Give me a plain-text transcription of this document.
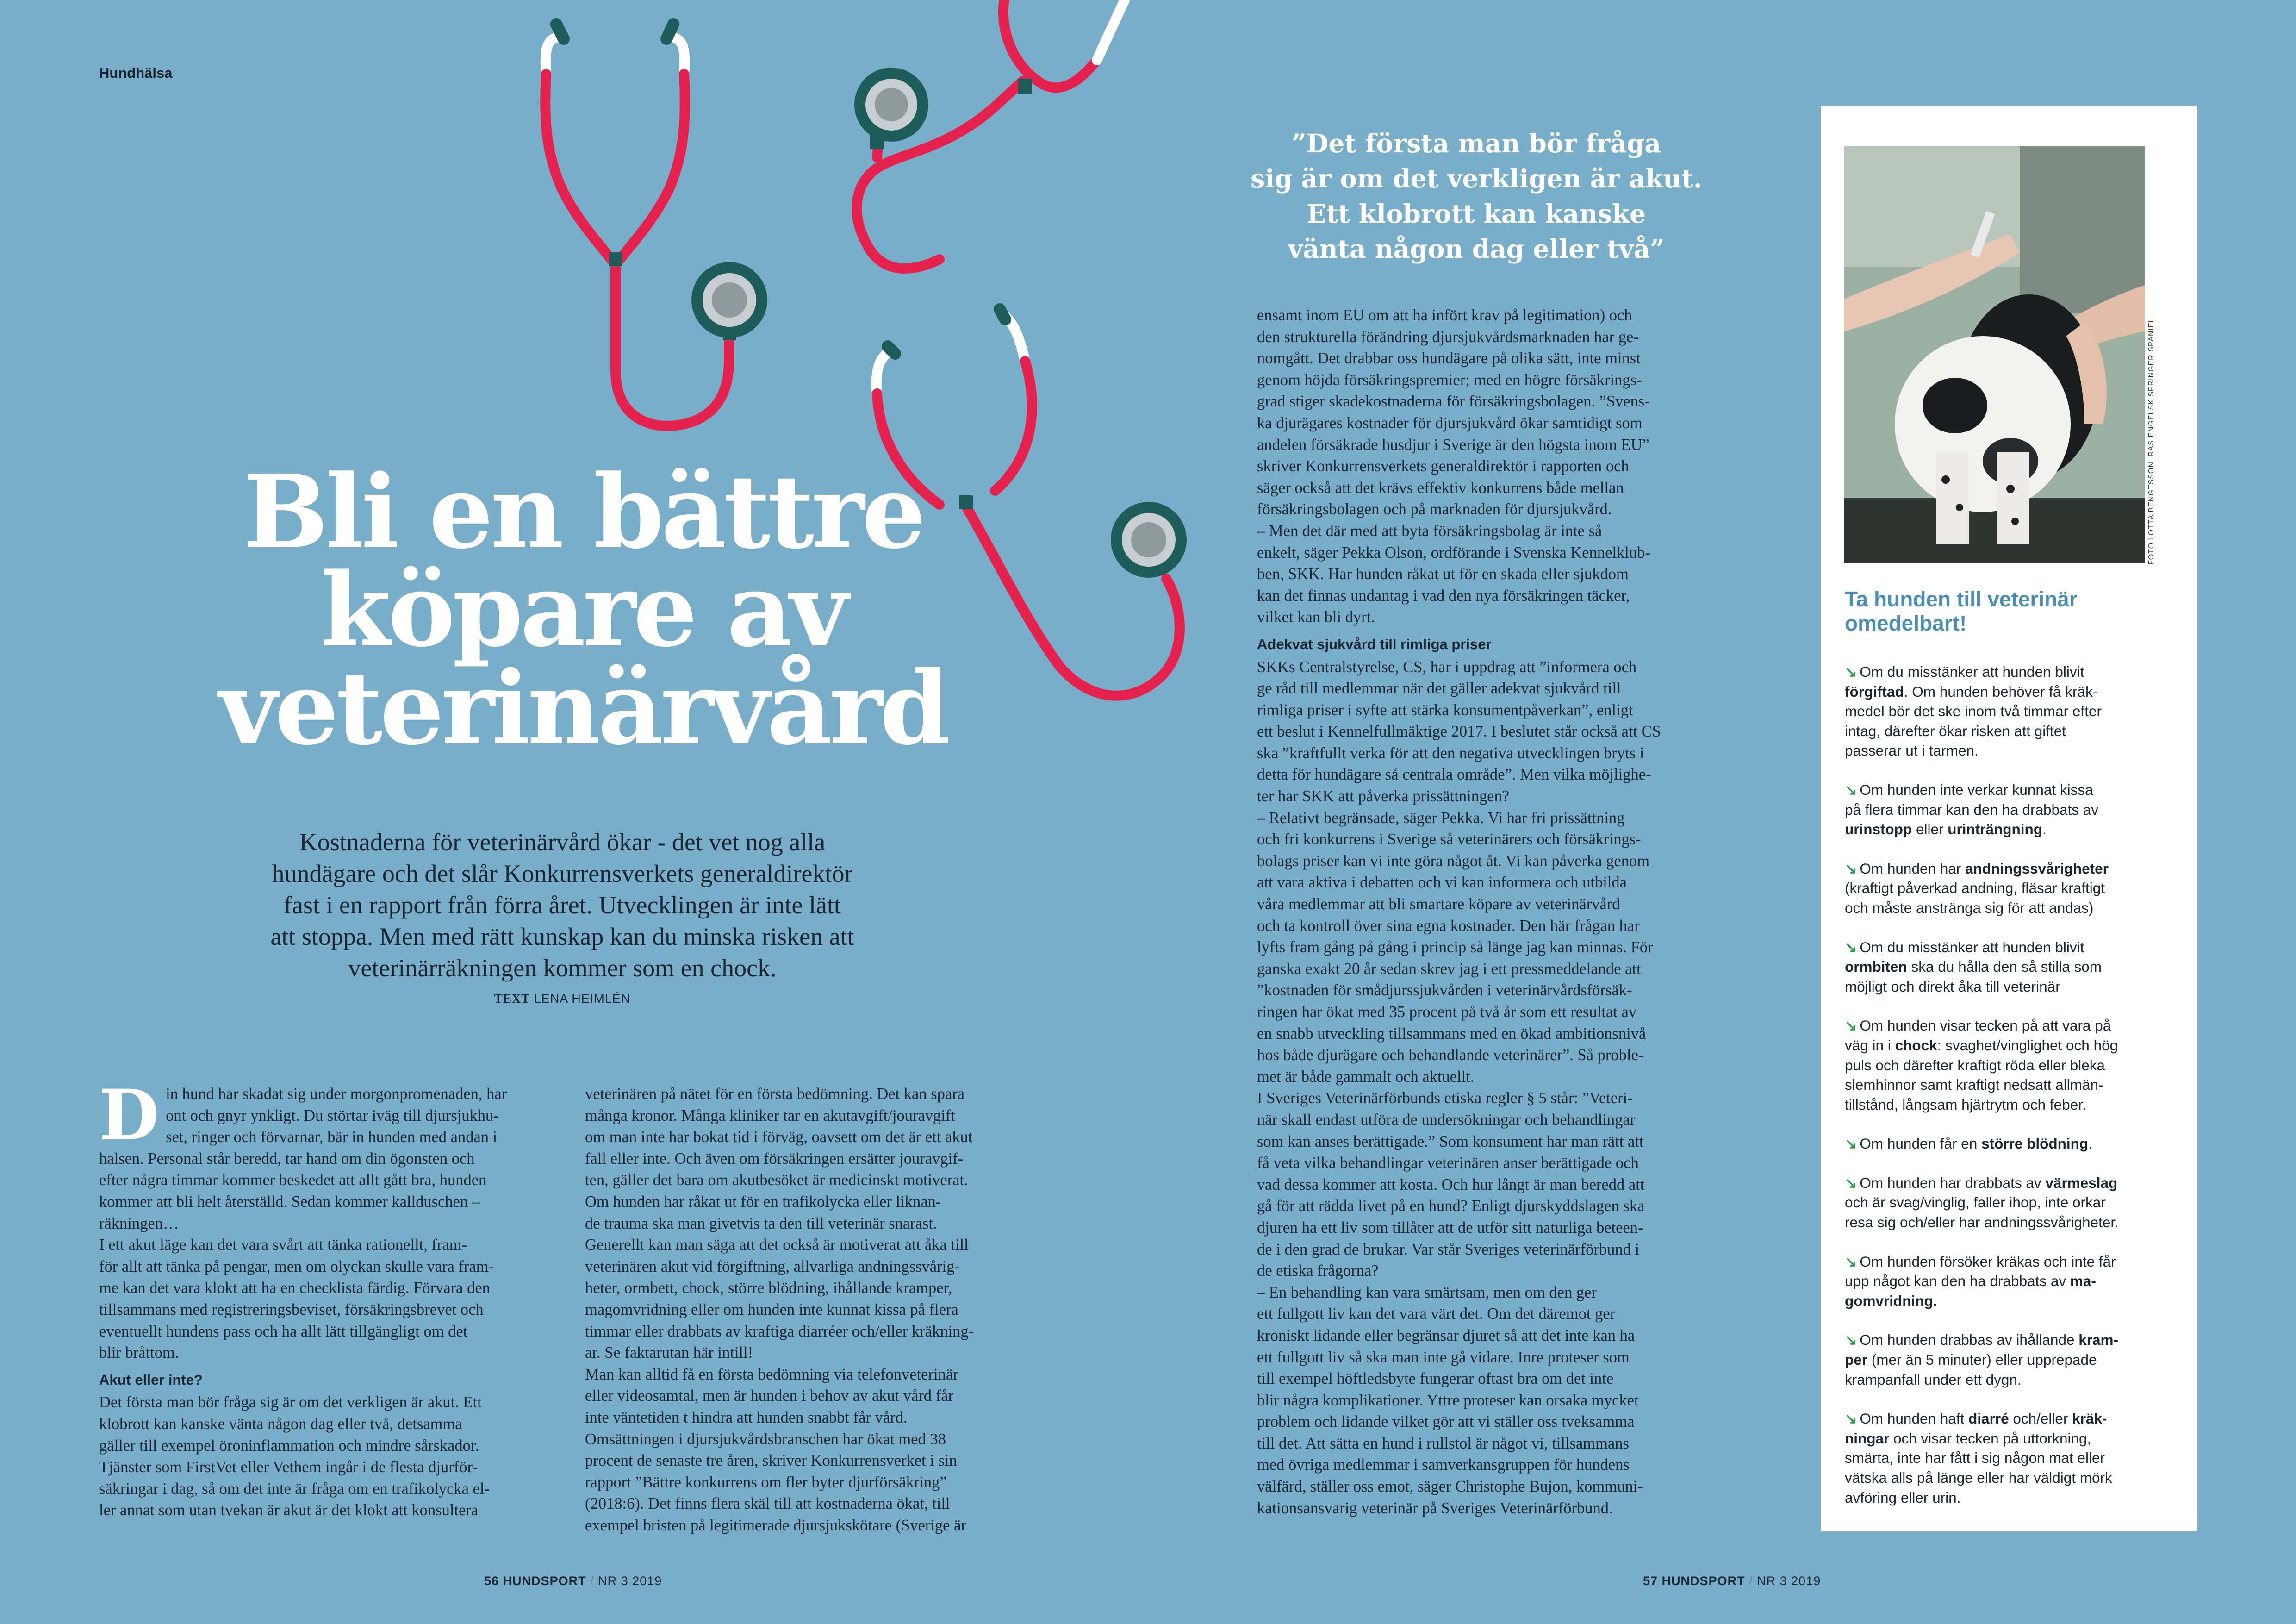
Hundhälsa
Bli en bättre
köpare av
veterinärvård
Kostnaderna för veterinärvård ökar - det vet nog alla
hundägare och det slår Konkurrensverkets generaldirektör
fast i en rapport från förra året. Utvecklingen är inte lätt
att stoppa. Men med rätt kunskap kan du minska risken att
veterinärräkningen kommer som en chock.
TEXT LENA HEIMLÉN
D in hund har skadat sig under morgonpromenaden, har
ont och gnyr ynkligt. Du störtar iväg till djursjukhu-
set, ringer och förvarnar, bär in hunden med andan i
halsen. Personal står beredd, tar hand om din ögonsten och
efter några timmar kommer beskedet att allt gått bra, hunden
kommer att bli helt återställd. Sedan kommer kallduschen –
räkningen…
I ett akut läge kan det vara svårt att tänka rationellt, fram-
för allt att tänka på pengar, men om olyckan skulle vara fram-
me kan det vara klokt att ha en checklista färdig. Förvara den
tillsammans med registreringsbeviset, försäkringsbrevet och
eventuellt hundens pass och ha allt lätt tillgängligt om det
blir bråttom.
Akut eller inte?
Det första man bör fråga sig är om det verkligen är akut. Ett
klobrott kan kanske vänta någon dag eller två, detsamma
gäller till exempel öroninflammation och mindre sårskador.
Tjänster som FirstVet eller Vethem ingår i de flesta djurför-
säkringar i dag, så om det inte är fråga om en trafikolycka el-
ler annat som utan tvekan är akut är det klokt att konsultera
veterinären på nätet för en första bedömning. Det kan spara
många kronor. Många kliniker tar en akutavgift/jouravgift
om man inte har bokat tid i förväg, oavsett om det är ett akut
fall eller inte. Och även om försäkringen ersätter jouravgif-
ten, gäller det bara om akutbesöket är medicinskt motiverat.
Om hunden har råkat ut för en trafikolycka eller liknan-
de trauma ska man givetvis ta den till veterinär snarast.
Generellt kan man säga att det också är motiverat att åka till
veterinären akut vid förgiftning, allvarliga andningssvårig-
heter, ormbett, chock, större blödning, ihållande kramper,
magomvridning eller om hunden inte kunnat kissa på flera
timmar eller drabbats av kraftiga diarréer och/eller kräkning-
ar. Se faktarutan här intill!
Man kan alltid få en första bedömning via telefonveterinär
eller videosamtal, men är hunden i behov av akut vård får
inte väntetiden t hindra att hunden snabbt får vård.
Omsättningen i djursjukvårdsbranschen har ökat med 38
procent de senaste tre åren, skriver Konkurrensverket i sin
rapport ”Bättre konkurrens om fler byter djurförsäkring”
(2018:6). Det finns flera skäl till att kostnaderna ökat, till
exempel bristen på legitimerade djursjukskötare (Sverige är
”Det första man bör fråga
sig är om det verkligen är akut.
Ett klobrott kan kanske
vänta någon dag eller två”
ensamt inom EU om att ha infört krav på legitimation) och
den strukturella förändring djursjukvårdsmarknaden har ge-
nomgått. Det drabbar oss hundägare på olika sätt, inte minst
genom höjda försäkringspremier; med en högre försäkrings-
grad stiger skadekostnaderna för försäkringsbolagen. ”Svens-
ka djurägares kostnader för djursjukvård ökar samtidigt som
andelen försäkrade husdjur i Sverige är den högsta inom EU”
skriver Konkurrensverkets generaldirektör i rapporten och
säger också att det krävs effektiv konkurrens både mellan
försäkringsbolagen och på marknaden för djursjukvård.
– Men det där med att byta försäkringsbolag är inte så
enkelt, säger Pekka Olson, ordförande i Svenska Kennelklub-
ben, SKK. Har hunden råkat ut för en skada eller sjukdom
kan det finnas undantag i vad den nya försäkringen täcker,
vilket kan bli dyrt.
Adekvat sjukvård till rimliga priser
SKKs Centralstyrelse, CS, har i uppdrag att ”informera och
ge råd till medlemmar när det gäller adekvat sjukvård till
rimliga priser i syfte att stärka konsumentpåverkan”, enligt
ett beslut i Kennelfullmäktige 2017. I beslutet står också att CS
ska ”kraftfullt verka för att den negativa utvecklingen bryts i
detta för hundägare så centrala område”. Men vilka möjlighe-
ter har SKK att påverka prissättningen?
– Relativt begränsade, säger Pekka. Vi har fri prissättning
och fri konkurrens i Sverige så veterinärers och försäkrings-
bolags priser kan vi inte göra något åt. Vi kan påverka genom
att vara aktiva i debatten och vi kan informera och utbilda
våra medlemmar att bli smartare köpare av veterinärvård
och ta kontroll över sina egna kostnader. Den här frågan har
lyfts fram gång på gång i princip så länge jag kan minnas. För
ganska exakt 20 år sedan skrev jag i ett pressmeddelande att
”kostnaden för smådjurssjukvården i veterinärvårdsförsäk-
ringen har ökat med 35 procent på två år som ett resultat av
en snabb utveckling tillsammans med en ökad ambitionsnivå
hos både djurägare och behandlande veterinärer”. Så proble-
met är både gammalt och aktuellt.
I Sveriges Veterinärförbunds etiska regler § 5 står: ”Veteri-
när skall endast utföra de undersökningar och behandlingar
som kan anses berättigade.” Som konsument har man rätt att
få veta vilka behandlingar veterinären anser berättigade och
vad dessa kommer att kosta. Och hur långt är man beredd att
gå för att rädda livet på en hund? Enligt djurskyddslagen ska
djuren ha ett liv som tillåter att de utför sitt naturliga beteen-
de i den grad de brukar. Var står Sveriges veterinärförbund i
de etiska frågorna?
– En behandling kan vara smärtsam, men om den ger
ett fullgott liv kan det vara värt det. Om det däremot ger
kroniskt lidande eller begränsar djuret så att det inte kan ha
ett fullgott liv så ska man inte gå vidare. Inre proteser som
till exempel höftledsbyte fungerar oftast bra om det inte
blir några komplikationer. Yttre proteser kan orsaka mycket
problem och lidande vilket gör att vi ställer oss tveksamma
till det. Att sätta en hund i rullstol är något vi, tillsammans
med övriga medlemmar i samverkansgruppen för hundens
välfärd, ställer oss emot, säger Christophe Bujon, kommuni-
kationsansvarig veterinär på Sveriges Veterinärförbund.
FOTO LOTTA BENGTSSON. RAS ENGELSK SPRINGER SPANIEL
Ta hunden till veterinär
omedelbart!
↘ Om du misstänker att hunden blivit
förgiftad. Om hunden behöver få kräk-
medel bör det ske inom två timmar efter
intag, därefter ökar risken att giftet
passerar ut i tarmen.
↘ Om hunden inte verkar kunnat kissa
på flera timmar kan den ha drabbats av
urinstopp eller urinträngning.
↘ Om hunden har andningssvårigheter
(kraftigt påverkad andning, fläsar kraftigt
och måste anstränga sig för att andas)
↘ Om du misstänker att hunden blivit
ormbiten ska du hålla den så stilla som
möjligt och direkt åka till veterinär
↘ Om hunden visar tecken på att vara på
väg in i chock: svaghet/vinglighet och hög
puls och därefter kraftigt röda eller bleka
slemhinnor samt kraftigt nedsatt allmän-
tillstånd, långsam hjärtrytm och feber.
↘ Om hunden får en större blödning.
↘ Om hunden har drabbats av värmeslag
och är svag/vinglig, faller ihop, inte orkar
resa sig och/eller har andningssvårigheter.
↘ Om hunden försöker kräkas och inte får
upp något kan den ha drabbats av ma-
gomvridning.
↘ Om hunden drabbas av ihållande kram-
per (mer än 5 minuter) eller upprepade
krampanfall under ett dygn.
↘ Om hunden haft diarré och/eller kräk-
ningar och visar tecken på uttorkning,
smärta, inte har fått i sig någon mat eller
vätska alls på länge eller har väldigt mörk
avföring eller urin.
56 HUNDSPORT / NR 3 2019	57 HUNDSPORT / NR 3 2019
